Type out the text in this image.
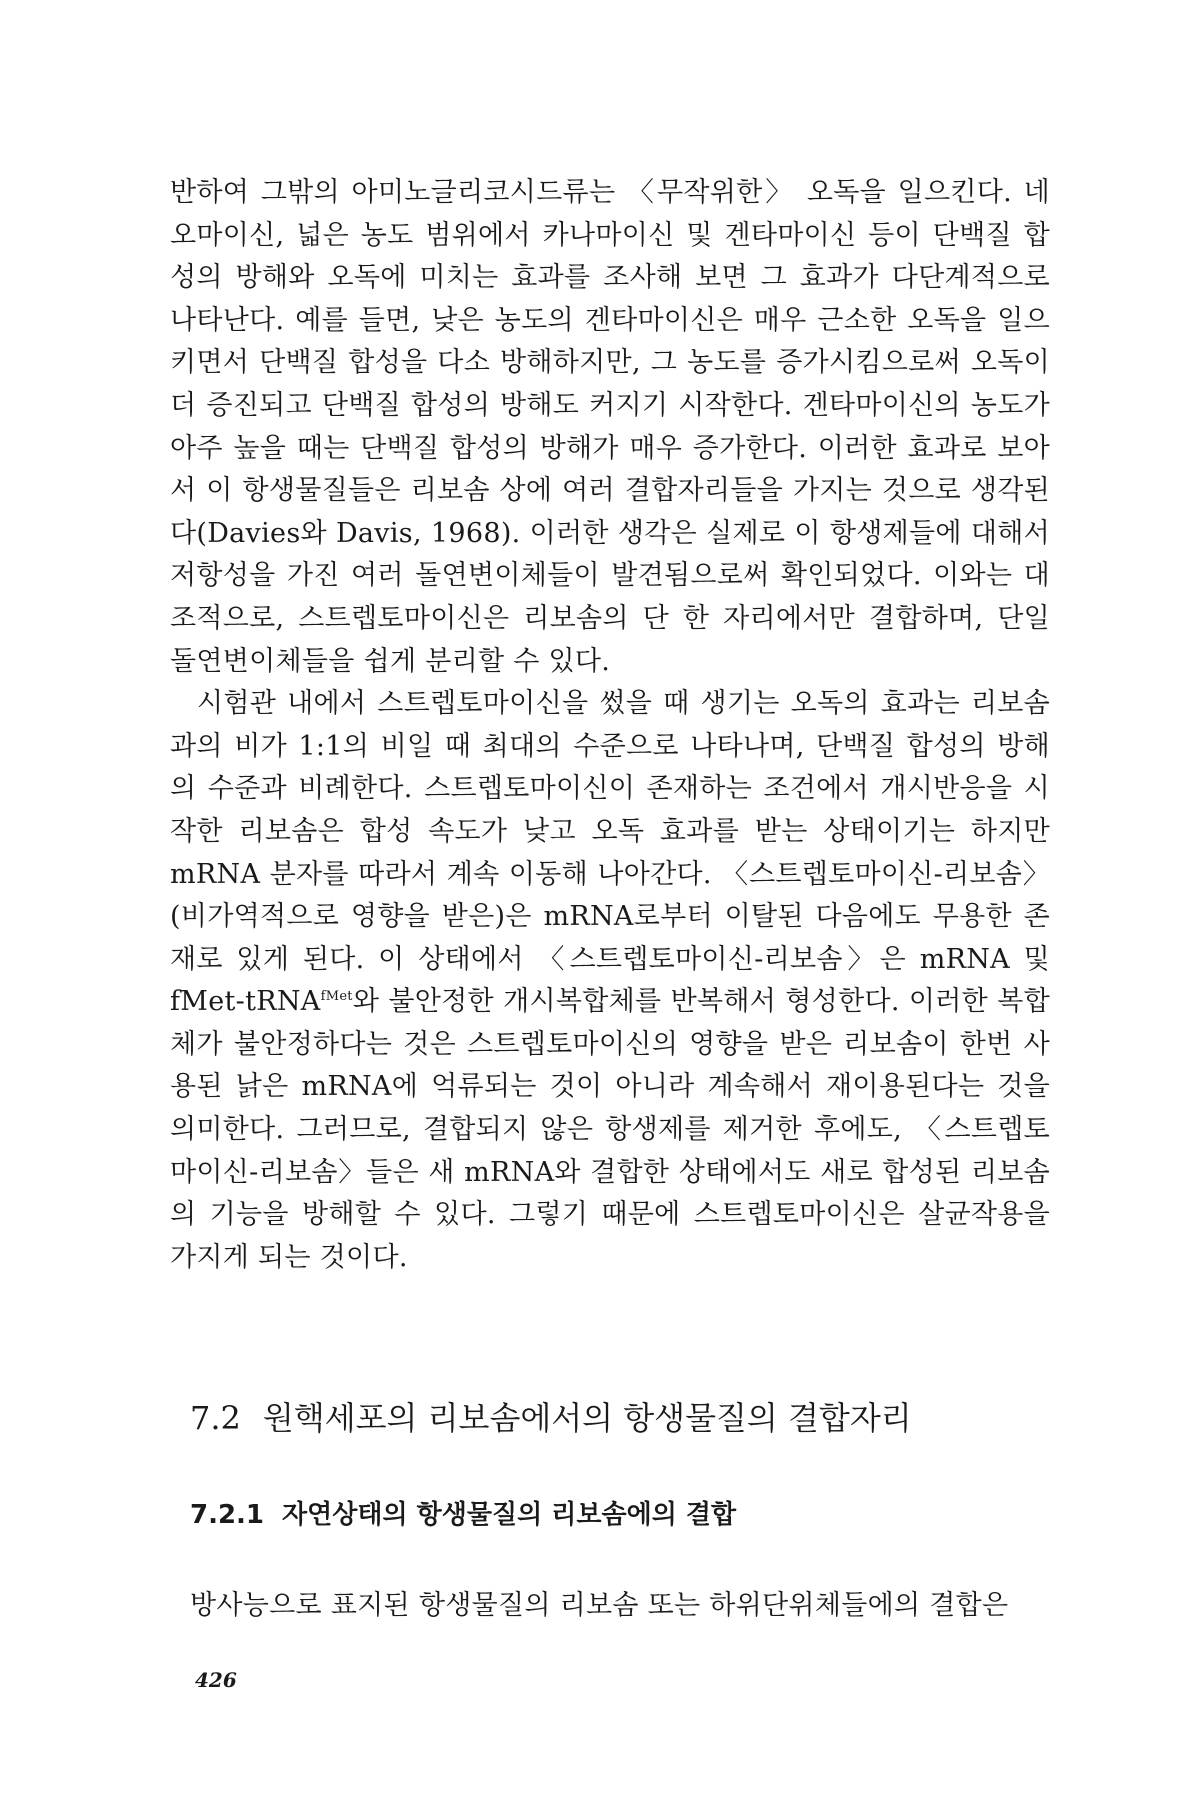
반하여 그밖의 아미노글리코시드류는 〈무작위한〉 오독을 일으킨다. 네오마이신, 넓은 농도 범위에서 카나마이신 및 겐타마이신 등이 단백질 합성의 방해와 오독에 미치는 효과를 조사해 보면 그 효과가 다단계적으로 나타난다. 예를 들면, 낮은 농도의 겐타마이신은 매우 근소한 오독을 일으키면서 단백질 합성을 다소 방해하지만, 그 농도를 증가시킴으로써 오독이 더 증진되고 단백질 합성의 방해도 커지기 시작한다. 겐타마이신의 농도가 아주 높을 때는 단백질 합성의 방해가 매우 증가한다. 이러한 효과로 보아서 이 항생물질들은 리보솜 상에 여러 결합자리들을 가지는 것으로 생각된다(Davies와 Davis, 1968). 이러한 생각은 실제로 이 항생제들에 대해서 저항성을 가진 여러 돌연변이체들이 발견됨으로써 확인되었다. 이와는 대조적으로, 스트렙토마이신은 리보솜의 단 한 자리에서만 결합하며, 단일 돌연변이체들을 쉽게 분리할 수 있다.

시험관 내에서 스트렙토마이신을 썼을 때 생기는 오독의 효과는 리보솜과의 비가 1:1의 비일 때 최대의 수준으로 나타나며, 단백질 합성의 방해의 수준과 비례한다. 스트렙토마이신이 존재하는 조건에서 개시반응을 시작한 리보솜은 합성 속도가 낮고 오독 효과를 받는 상태이기는 하지만 mRNA 분자를 따라서 계속 이동해 나아간다. 〈스트렙토마이신-리보솜〉(비가역적으로 영향을 받은)은 mRNA로부터 이탈된 다음에도 무용한 존재로 있게 된다. 이 상태에서 〈스트렙토마이신-리보솜〉은 mRNA 및 fMet-tRNA$^{fMet}$와 불안정한 개시복합체를 반복해서 형성한다. 이러한 복합체가 불안정하다는 것은 스트렙토마이신의 영향을 받은 리보솜이 한번 사용된 낡은 mRNA에 억류되는 것이 아니라 계속해서 재이용된다는 것을 의미한다. 그러므로, 결합되지 않은 항생제를 제거한 후에도, 〈스트렙토마이신-리보솜〉들은 새 mRNA와 결합한 상태에서도 새로 합성된 리보솜의 기능을 방해할 수 있다. 그렇기 때문에 스트렙토마이신은 살균작용을 가지게 되는 것이다.

7.2 원핵세포의 리보솜에서의 항생물질의 결합자리
7.2.1 자연상태의 항생물질의 리보솜에의 결합

방사능으로 표지된 항생물질의 리보솜 또는 하위단위체들에의 결합은

426
